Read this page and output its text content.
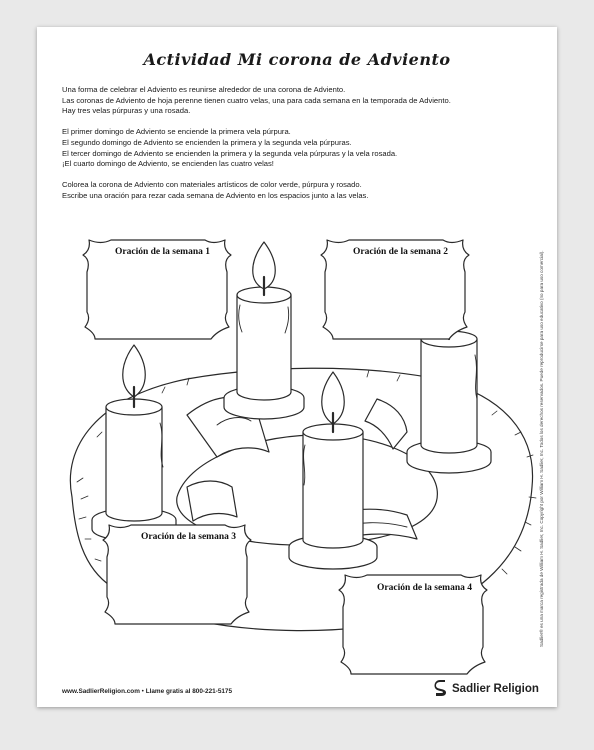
Actividad Mi corona de Adviento

Una forma de celebrar el Adviento es reunirse alrededor de una corona de Adviento.
Las coronas de Adviento de hoja perenne tienen cuatro velas, una para cada semana en la temporada de Adviento.
Hay tres velas púrpuras y una rosada.

El primer domingo de Adviento se enciende la primera vela púrpura.
El segundo domingo de Adviento se encienden la primera y la segunda vela púrpuras.
El tercer domingo de Adviento se encienden la primera y la segunda vela púrpuras y la vela rosada.
¡El cuarto domingo de Adviento, se encienden las cuatro velas!

Colorea la corona de Adviento con materiales artísticos de color verde, púrpura y rosado.
Escribe una oración para rezar cada semana de Adviento en los espacios junto a las velas.

Oración de la semana 1	Oración de la semana 2
Oración de la semana 3
Oración de la semana 4	Sadlier® es una marca registrada de William H. Sadlier, Inc. Copyright por William H. Sadlier, Inc. Todos los derechos reservados. Puede reproducirse para uso educativo (no para uso comercial).
www.SadlierReligion.com • Llame gratis al 800-221-5175	Sadlier Religion
